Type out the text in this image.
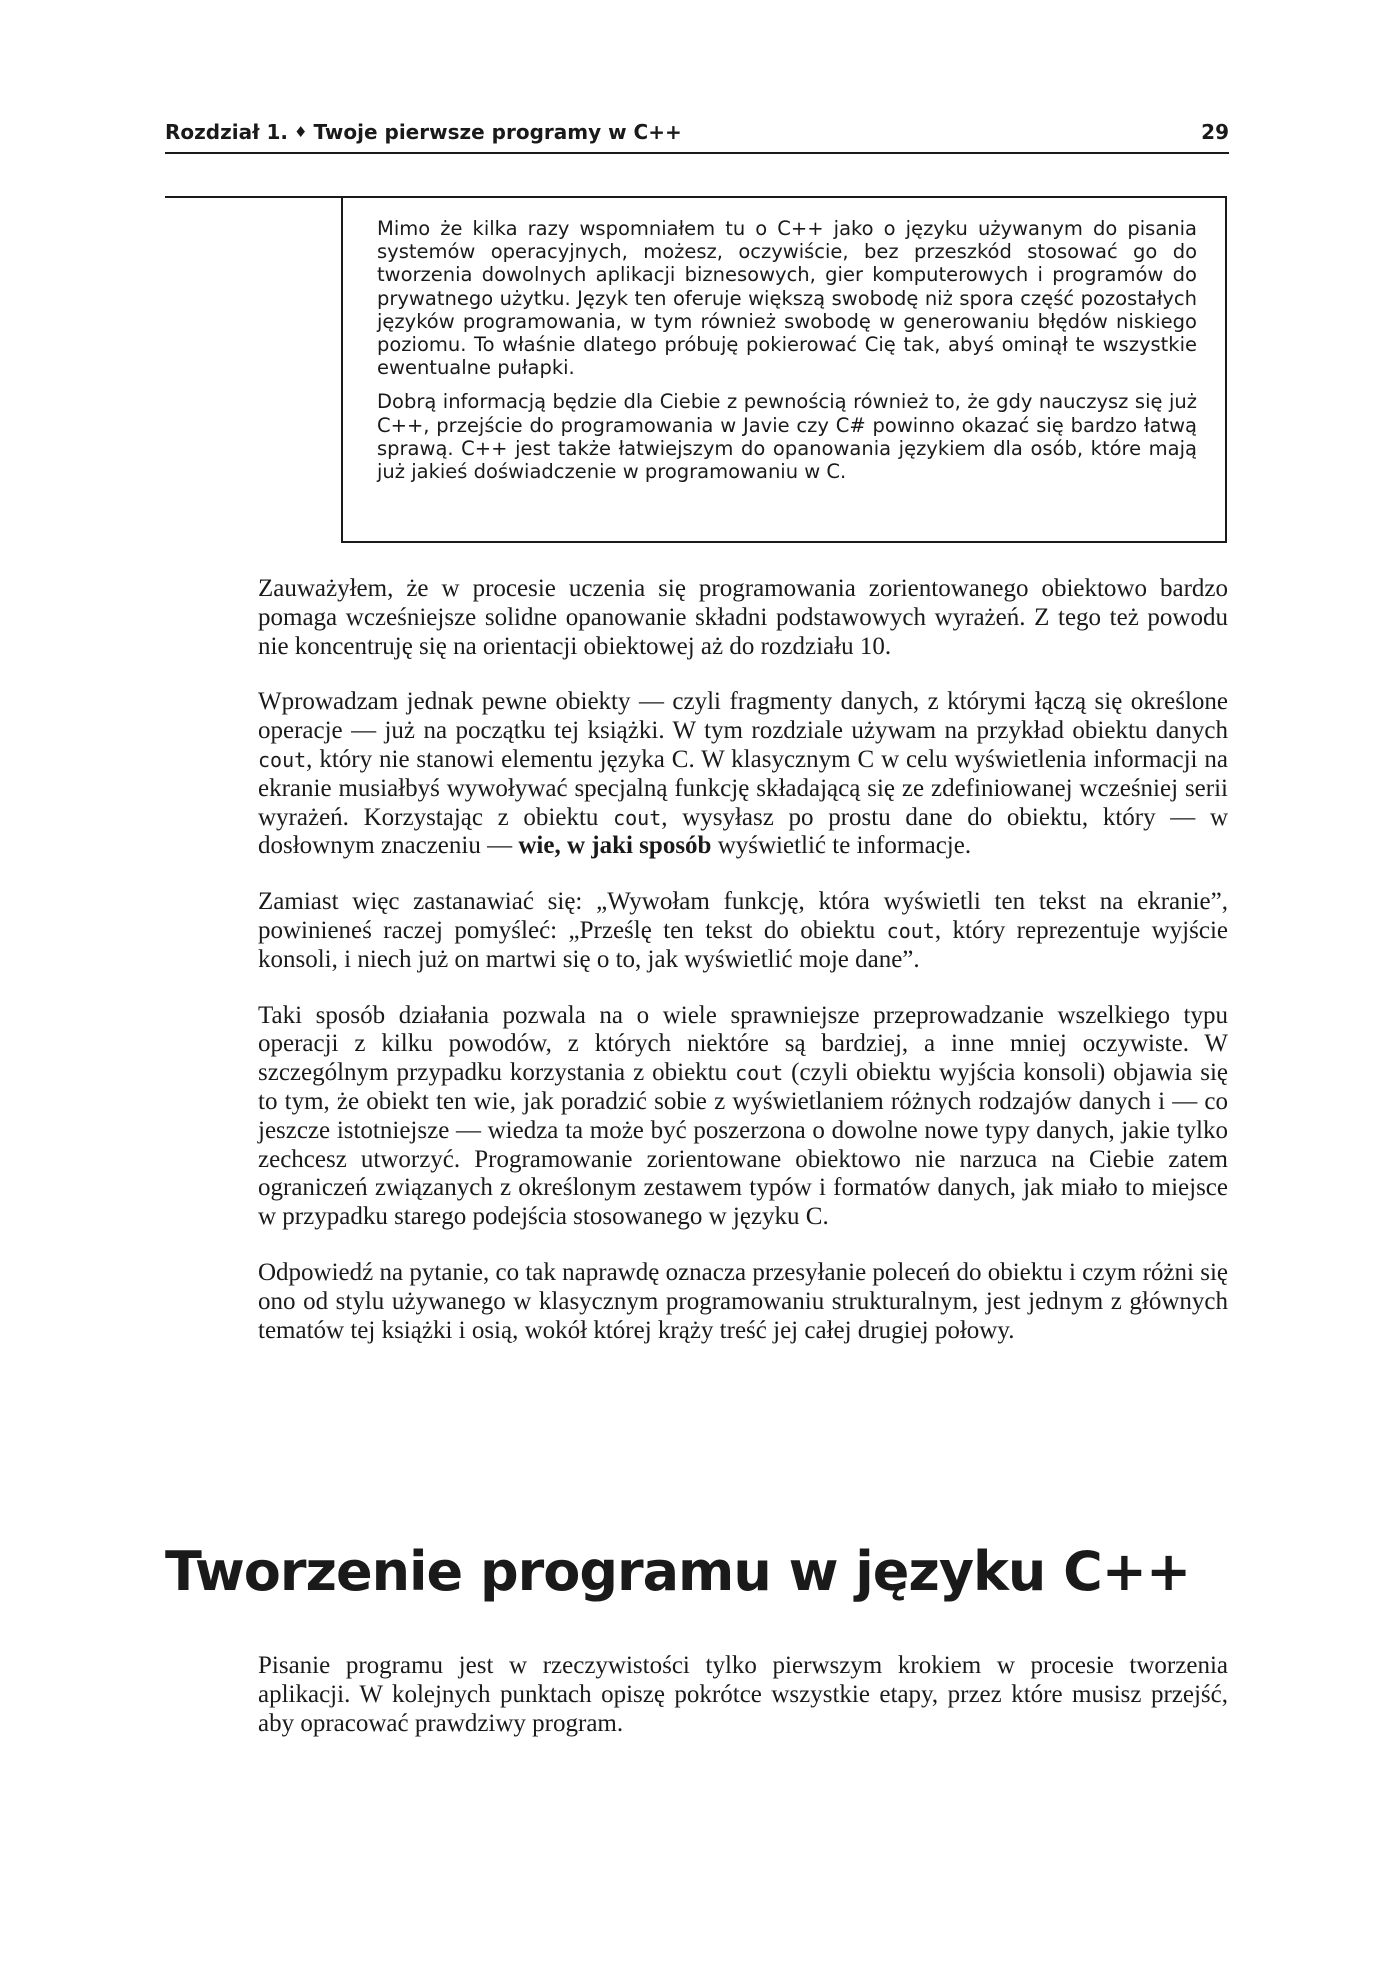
Rozdział 1. ♦ Twoje pierwsze programy w C++	29

Mimo że kilka razy wspomniałem tu o C++ jako o języku używanym do pisania systemów operacyjnych, możesz, oczywiście, bez przeszkód stosować go do tworzenia dowolnych aplikacji biznesowych, gier komputerowych i programów do prywatnego użytku. Język ten oferuje większą swobodę niż spora część pozostałych języków programowania, w tym również swobodę w generowaniu błędów niskiego poziomu. To właśnie dlatego próbuję pokierować Cię tak, abyś ominął te wszystkie ewentualne pułapki.

Dobrą informacją będzie dla Ciebie z pewnością również to, że gdy nauczysz się już C++, przejście do programowania w Javie czy C# powinno okazać się bardzo łatwą sprawą. C++ jest także łatwiejszym do opanowania językiem dla osób, które mają już jakieś doświadczenie w programowaniu w C.

Zauważyłem, że w procesie uczenia się programowania zorientowanego obiektowo bardzo pomaga wcześniejsze solidne opanowanie składni podstawowych wyrażeń. Z tego też powodu nie koncentruję się na orientacji obiektowej aż do rozdziału 10.

Wprowadzam jednak pewne obiekty — czyli fragmenty danych, z którymi łączą się określone operacje — już na początku tej książki. W tym rozdziale używam na przykład obiektu danych cout, który nie stanowi elementu języka C. W klasycznym C w celu wyświetlenia informacji na ekranie musiałbyś wywoływać specjalną funkcję składającą się ze zdefiniowanej wcześniej serii wyrażeń. Korzystając z obiektu cout, wysyłasz po prostu dane do obiektu, który — w dosłownym znaczeniu — wie, w jaki sposób wyświetlić te informacje.

Zamiast więc zastanawiać się: „Wywołam funkcję, która wyświetli ten tekst na ekranie”, powinieneś raczej pomyśleć: „Prześlę ten tekst do obiektu cout, który reprezentuje wyjście konsoli, i niech już on martwi się o to, jak wyświetlić moje dane”.

Taki sposób działania pozwala na o wiele sprawniejsze przeprowadzanie wszelkiego typu operacji z kilku powodów, z których niektóre są bardziej, a inne mniej oczywiste. W szczególnym przypadku korzystania z obiektu cout (czyli obiektu wyjścia konsoli) objawia się to tym, że obiekt ten wie, jak poradzić sobie z wyświetlaniem różnych rodzajów danych i — co jeszcze istotniejsze — wiedza ta może być poszerzona o dowolne nowe typy danych, jakie tylko zechcesz utworzyć. Programowanie zorientowane obiektowo nie narzuca na Ciebie zatem ograniczeń związanych z określonym zestawem typów i formatów danych, jak miało to miejsce w przypadku starego podejścia stosowanego w języku C.

Odpowiedź na pytanie, co tak naprawdę oznacza przesyłanie poleceń do obiektu i czym różni się ono od stylu używanego w klasycznym programowaniu strukturalnym, jest jednym z głównych tematów tej książki i osią, wokół której krąży treść jej całej drugiej połowy.

Tworzenie programu w języku C++

Pisanie programu jest w rzeczywistości tylko pierwszym krokiem w procesie tworzenia aplikacji. W kolejnych punktach opiszę pokrótce wszystkie etapy, przez które musisz przejść, aby opracować prawdziwy program.
